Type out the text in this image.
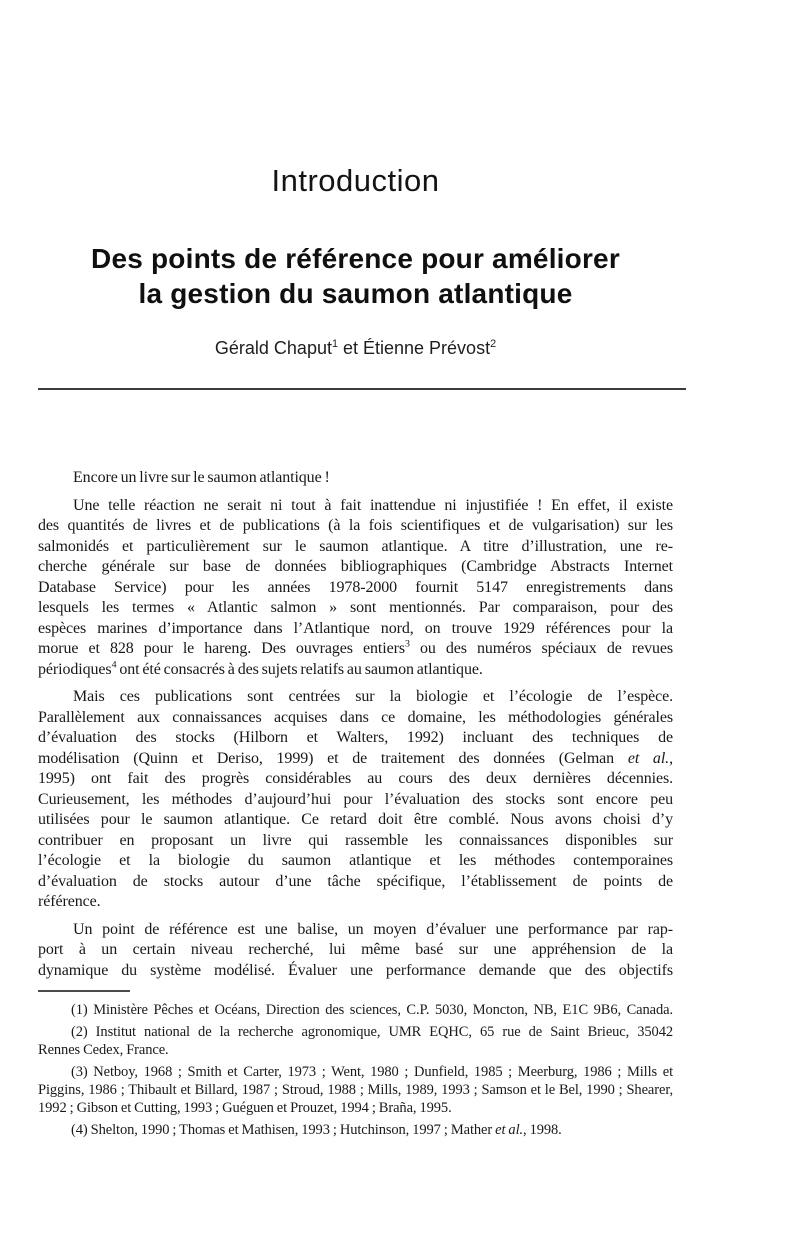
Introduction
Des points de référence pour améliorer
la gestion du saumon atlantique
Gérald Chaput$^1$ et Étienne Prévost$^2$
Encore un livre sur le saumon atlantique !
Une telle réaction ne serait ni tout à fait inattendue ni injustifiée ! En effet, il existe
des quantités de livres et de publications (à la fois scientifiques et de vulgarisation) sur les
salmonidés et particulièrement sur le saumon atlantique. A titre d’illustration, une re-
cherche générale sur base de données bibliographiques (Cambridge Abstracts Internet
Database Service) pour les années 1978-2000 fournit 5147 enregistrements dans
lesquels les termes « Atlantic salmon » sont mentionnés. Par comparaison, pour des
espèces marines d’importance dans l’Atlantique nord, on trouve 1929 références pour la
morue et 828 pour le hareng. Des ouvrages entiers$^3$ ou des numéros spéciaux de revues
périodiques$^4$ ont été consacrés à des sujets relatifs au saumon atlantique.
Mais ces publications sont centrées sur la biologie et l’écologie de l’espèce.
Parallèlement aux connaissances acquises dans ce domaine, les méthodologies générales
d’évaluation des stocks (Hilborn et Walters, 1992) incluant des techniques de
modélisation (Quinn et Deriso, 1999) et de traitement des données (Gelman et al.,
1995) ont fait des progrès considérables au cours des deux dernières décennies.
Curieusement, les méthodes d’aujourd’hui pour l’évaluation des stocks sont encore peu
utilisées pour le saumon atlantique. Ce retard doit être comblé. Nous avons choisi d’y
contribuer en proposant un livre qui rassemble les connaissances disponibles sur
l’écologie et la biologie du saumon atlantique et les méthodes contemporaines
d’évaluation de stocks autour d’une tâche spécifique, l’établissement de points de
référence.
Un point de référence est une balise, un moyen d’évaluer une performance par rap-
port à un certain niveau recherché, lui même basé sur une appréhension de la
dynamique du système modélisé. Évaluer une performance demande que des objectifs
(1) Ministère Pêches et Océans, Direction des sciences, C.P. 5030, Moncton, NB, E1C 9B6, Canada.
(2) Institut national de la recherche agronomique, UMR EQHC, 65 rue de Saint Brieuc, 35042
Rennes Cedex, France.
(3) Netboy, 1968 ; Smith et Carter, 1973 ; Went, 1980 ; Dunfield, 1985 ; Meerburg, 1986 ; Mills et
Piggins, 1986 ; Thibault et Billard, 1987 ; Stroud, 1988 ; Mills, 1989, 1993 ; Samson et le Bel, 1990 ; Shearer,
1992 ; Gibson et Cutting, 1993 ; Guéguen et Prouzet, 1994 ; Braña, 1995.
(4) Shelton, 1990 ; Thomas et Mathisen, 1993 ; Hutchinson, 1997 ; Mather et al., 1998.
